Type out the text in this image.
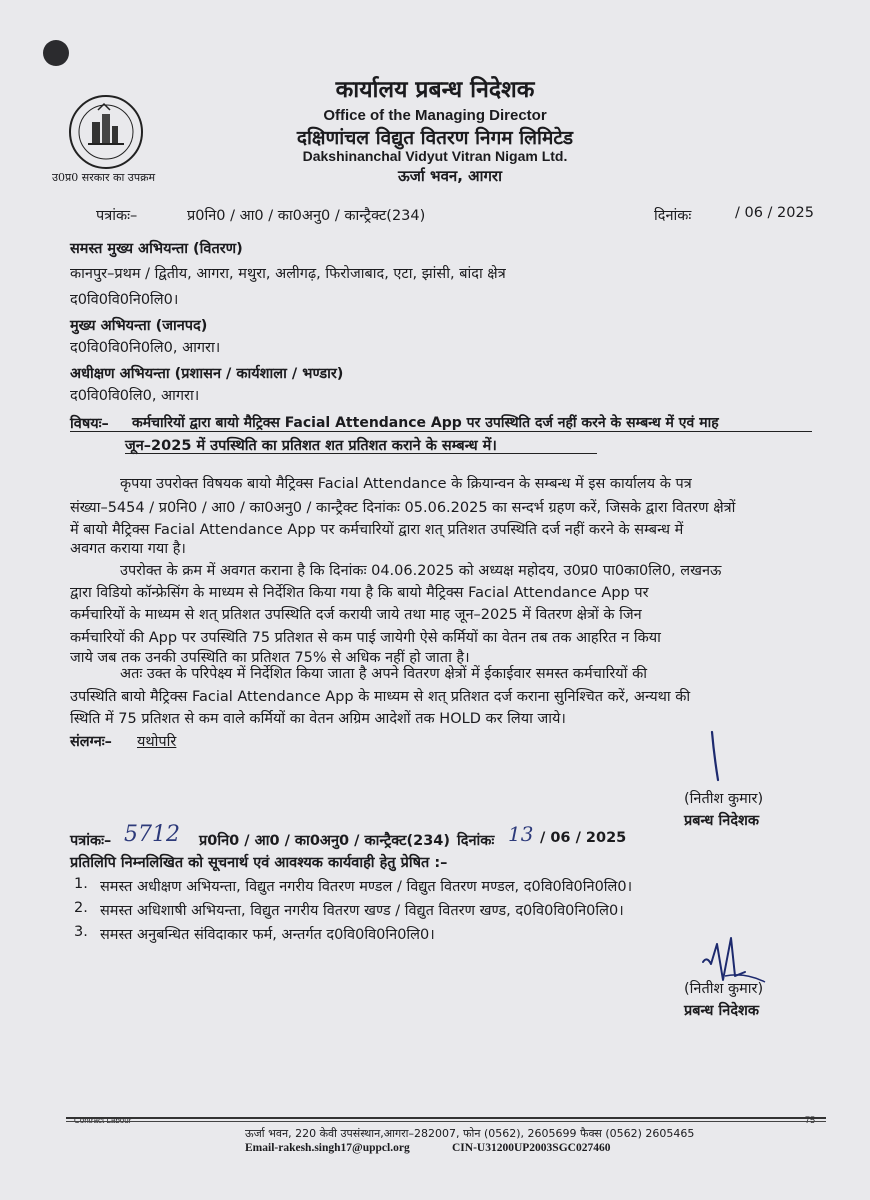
उ0प्र0 सरकार का उपक्रम
कार्यालय प्रबन्ध निदेशक
Office of the Managing Director
दक्षिणांचल विद्युत वितरण निगम लिमिटेड
Dakshinanchal Vidyut Vitran Nigam Ltd.
ऊर्जा भवन, आगरा
पत्रांकः–	प्र0नि0 / आ0 / का0अनु0 / कान्ट्रैक्ट(234)	दिनांकः	/ 06 / 2025
समस्त मुख्य अभियन्ता (वितरण)
कानपुर–प्रथम / द्वितीय, आगरा, मथुरा, अलीगढ़, फिरोजाबाद, एटा, झांसी, बांदा क्षेत्र
द0वि0वि0नि0लि0।
मुख्य अभियन्ता (जानपद)
द0वि0वि0नि0लि0, आगरा।
अधीक्षण अभियन्ता (प्रशासन / कार्यशाला / भण्डार)
द0वि0वि0लि0, आगरा।
विषयः– कर्मचारियों द्वारा बायो मैट्रिक्स Facial Attendance App पर उपस्थिति दर्ज नहीं करने के सम्बन्ध में एवं माह
जून–2025 में उपस्थिति का प्रतिशत शत प्रतिशत कराने के सम्बन्ध में।
कृपया उपरोक्त विषयक बायो मैट्रिक्स Facial Attendance के क्रियान्वन के सम्बन्ध में इस कार्यालय के पत्र
संख्या–5454 / प्र0नि0 / आ0 / का0अनु0 / कान्ट्रैक्ट दिनांकः 05.06.2025 का सन्दर्भ ग्रहण करें, जिसके द्वारा वितरण क्षेत्रों
में बायो मैट्रिक्स Facial Attendance App पर कर्मचारियों द्वारा शत् प्रतिशत उपस्थिति दर्ज नहीं करने के सम्बन्ध में
अवगत कराया गया है।
उपरोक्त के क्रम में अवगत कराना है कि दिनांकः 04.06.2025 को अध्यक्ष महोदय, उ0प्र0 पा0का0लि0, लखनऊ
द्वारा विडियो कॉन्फ्रेसिंग के माध्यम से निर्देशित किया गया है कि बायो मैट्रिक्स Facial Attendance App पर
कर्मचारियों के माध्यम से शत् प्रतिशत उपस्थिति दर्ज करायी जाये तथा माह जून–2025 में वितरण क्षेत्रों के जिन
कर्मचारियों की App पर उपस्थिति 75 प्रतिशत से कम पाई जायेगी ऐसे कर्मियों का वेतन तब तक आहरित न किया
जाये जब तक उनकी उपस्थिति का प्रतिशत 75% से अधिक नहीं हो जाता है।
अतः उक्त के परिपेक्ष्य में निर्देशित किया जाता है अपने वितरण क्षेत्रों में ईकाईवार समस्त कर्मचारियों की
उपस्थिति बायो मैट्रिक्स Facial Attendance App के माध्यम से शत् प्रतिशत दर्ज कराना सुनिश्चित करें, अन्यथा की
स्थिति में 75 प्रतिशत से कम वाले कर्मियों का वेतन अग्रिम आदेशों तक HOLD कर लिया जाये।
संलग्नः– यथोपरि
(नितीश कुमार)
प्रबन्ध निदेशक
पत्रांकः– 5712 प्र0नि0 / आ0 / का0अनु0 / कान्ट्रैक्ट(234) दिनांकः 13 / 06 / 2025
प्रतिलिपि निम्नलिखित को सूचनार्थ एवं आवश्यक कार्यवाही हेतु प्रेषित :–
1. समस्त अधीक्षण अभियन्ता, विद्युत नगरीय वितरण मण्डल / विद्युत वितरण मण्डल, द0वि0वि0नि0लि0।
2. समस्त अधिशाषी अभियन्ता, विद्युत नगरीय वितरण खण्ड / विद्युत वितरण खण्ड, द0वि0वि0नि0लि0।
3. समस्त अनुबन्धित संविदाकार फर्म, अन्तर्गत द0वि0वि0नि0लि0।
(नितीश कुमार)
प्रबन्ध निदेशक
Contract Labour	75
ऊर्जा भवन, 220 केवी उपसंस्थान,आगरा–282007, फोन (0562), 2605699 फैक्स (0562) 2605465
Email-rakesh.singh17@uppcl.org	CIN-U31200UP2003SGC027460
